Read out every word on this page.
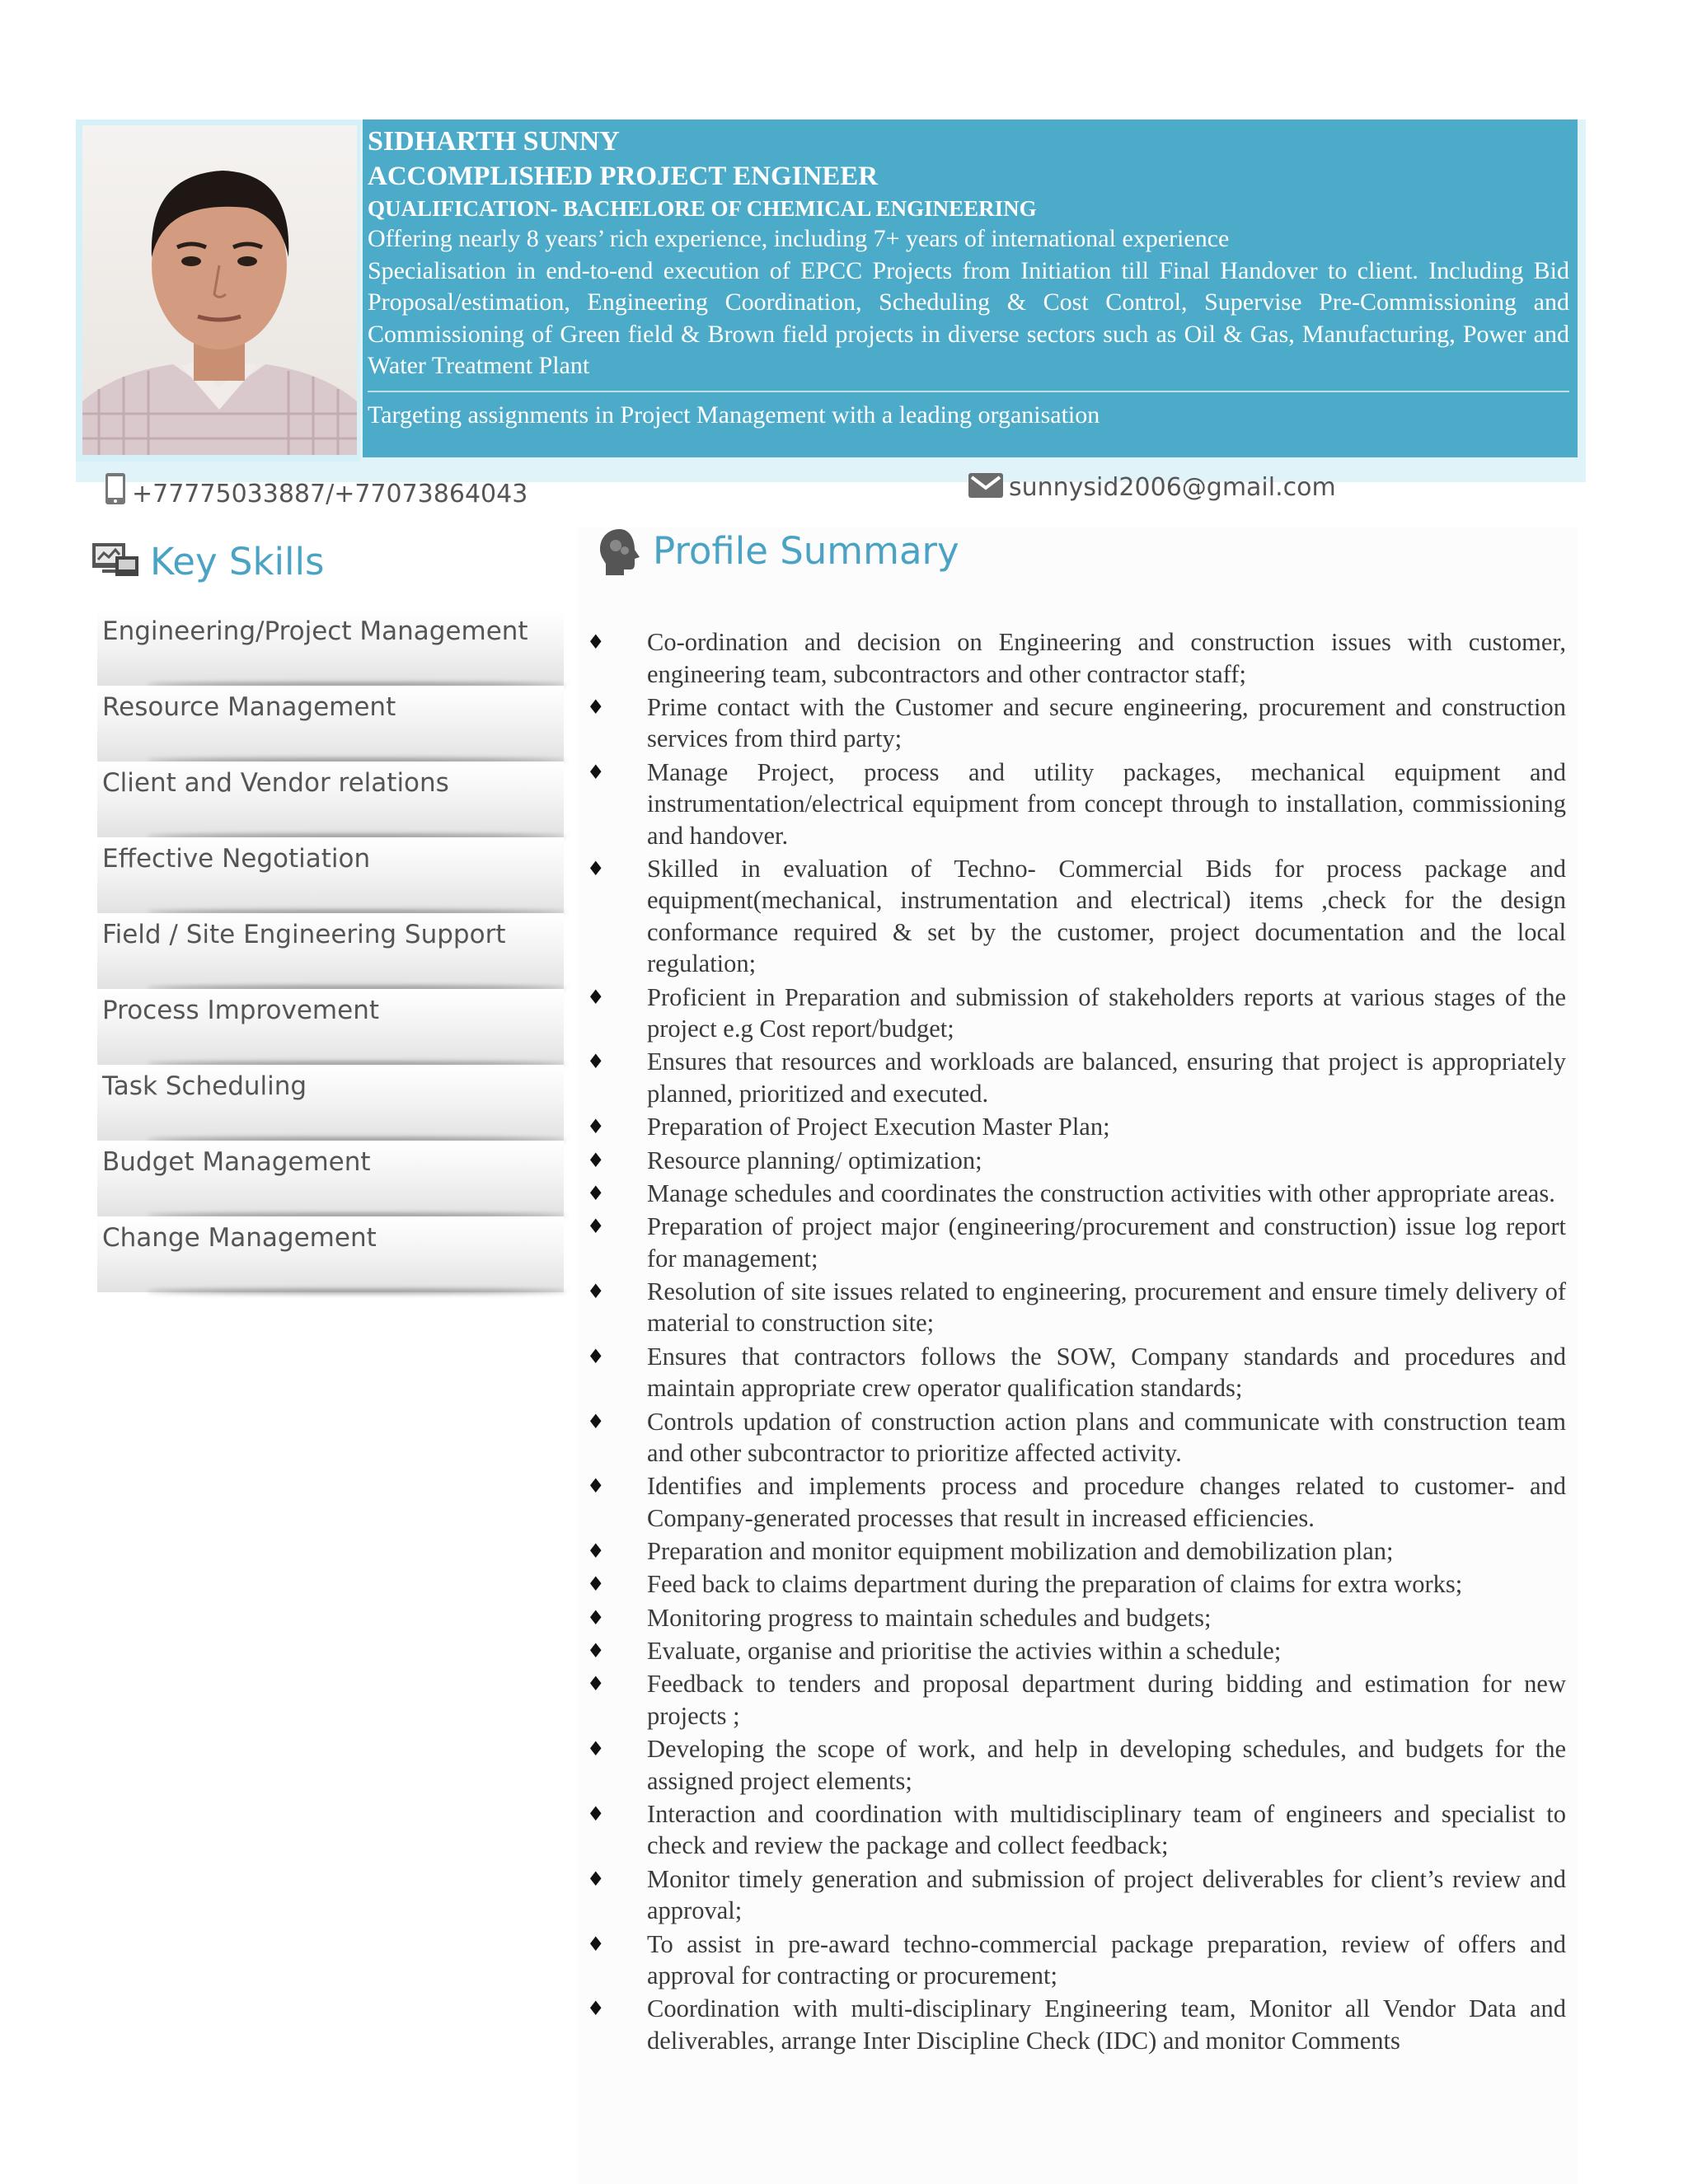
SIDHARTH SUNNY
ACCOMPLISHED PROJECT ENGINEER
QUALIFICATION- BACHELORE OF CHEMICAL ENGINEERING
Offering nearly 8 years’ rich experience, including 7+ years of international experience
Specialisation in end-to-end execution of EPCC Projects from Initiation till Final Handover to client. Including Bid Proposal/estimation, Engineering Coordination, Scheduling & Cost Control, Supervise Pre-Commissioning and Commissioning of Green field & Brown field projects in diverse sectors such as Oil & Gas, Manufacturing, Power and Water Treatment Plant
Targeting assignments in Project Management with a leading organisation
+77775033887/+77073864043	sunnysid2006@gmail.com
Key Skills
Engineering/Project Management
Resource Management
Client and Vendor relations
Effective Negotiation
Field / Site Engineering Support
Process Improvement
Task Scheduling
Budget Management
Change Management
Profile Summary
♦ Co-ordination and decision on Engineering and construction issues with customer, engineering team, subcontractors and other contractor staff;
♦ Prime contact with the Customer and secure engineering, procurement and construction services from third party;
♦ Manage Project, process and utility packages, mechanical equipment and instrumentation/electrical equipment from concept through to installation, commissioning and handover.
♦ Skilled in evaluation of Techno- Commercial Bids for process package and equipment(mechanical, instrumentation and electrical) items ,check for the design conformance required & set by the customer, project documentation and the local regulation;
♦ Proficient in Preparation and submission of stakeholders reports at various stages of the project e.g Cost report/budget;
♦ Ensures that resources and workloads are balanced, ensuring that project is appropriately planned, prioritized and executed.
♦ Preparation of Project Execution Master Plan;
♦ Resource planning/ optimization;
♦ Manage schedules and coordinates the construction activities with other appropriate areas.
♦ Preparation of project major (engineering/procurement and construction) issue log report for management;
♦ Resolution of site issues related to engineering, procurement and ensure timely delivery of material to construction site;
♦ Ensures that contractors follows the SOW, Company standards and procedures and maintain appropriate crew operator qualification standards;
♦ Controls updation of construction action plans and communicate with construction team and other subcontractor to prioritize affected activity.
♦ Identifies and implements process and procedure changes related to customer- and Company-generated processes that result in increased efficiencies.
♦ Preparation and monitor equipment mobilization and demobilization plan;
♦ Feed back to claims department during the preparation of claims for extra works;
♦ Monitoring progress to maintain schedules and budgets;
♦ Evaluate, organise and prioritise the activies within a schedule;
♦ Feedback to tenders and proposal department during bidding and estimation for new projects ;
♦ Developing the scope of work, and help in developing schedules, and budgets for the assigned project elements;
♦ Interaction and coordination with multidisciplinary team of engineers and specialist to check and review the package and collect feedback;
♦ Monitor timely generation and submission of project deliverables for client’s review and approval;
♦ To assist in pre-award techno-commercial package preparation, review of offers and approval for contracting or procurement;
♦ Coordination with multi-disciplinary Engineering team, Monitor all Vendor Data and deliverables, arrange Inter Discipline Check (IDC) and monitor Comments
